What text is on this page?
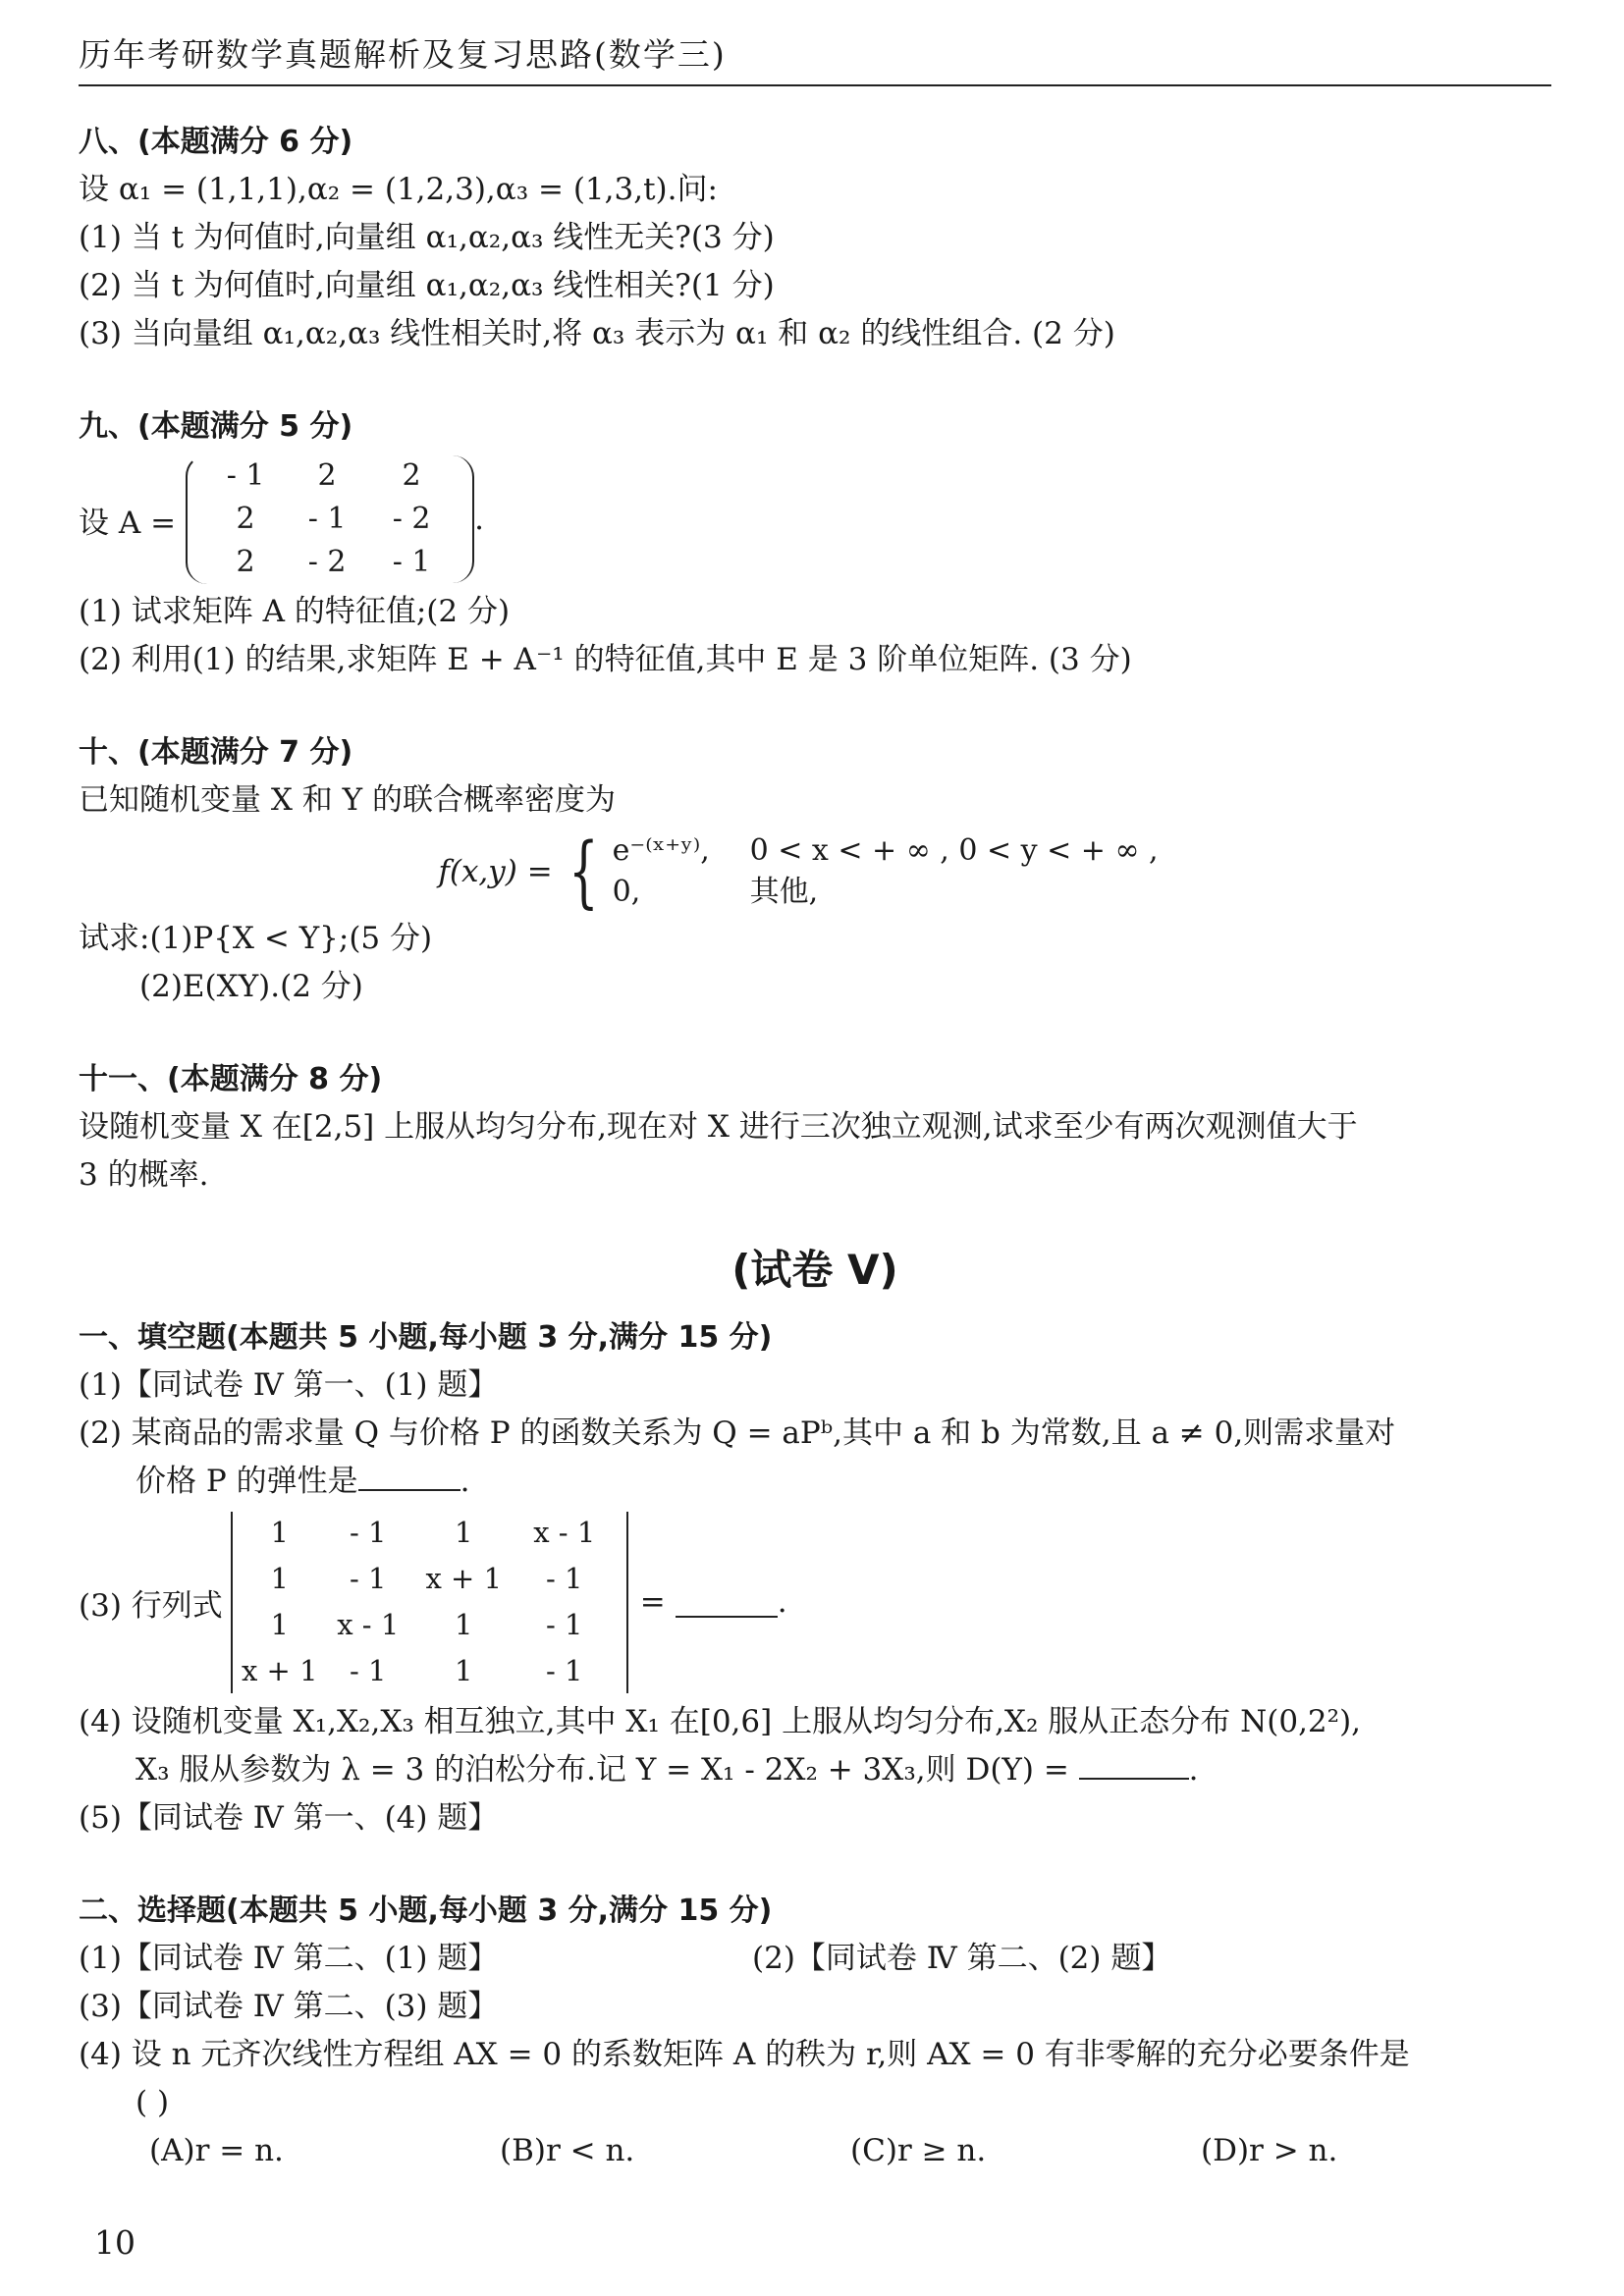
历年考研数学真题解析及复习思路(数学三)
八、(本题满分 6 分)
设 α₁ = (1,1,1),α₂ = (1,2,3),α₃ = (1,3,t).问:
(1) 当 t 为何值时,向量组 α₁,α₂,α₃ 线性无关?(3 分)
(2) 当 t 为何值时,向量组 α₁,α₂,α₃ 线性相关?(1 分)
(3) 当向量组 α₁,α₂,α₃ 线性相关时,将 α₃ 表示为 α₁ 和 α₂ 的线性组合. (2 分)
九、(本题满分 5 分)
设 A =
- 1	2	2
2	- 1	- 2
2	- 2	- 1
.
(1) 试求矩阵 A 的特征值;(2 分)
(2) 利用(1) 的结果,求矩阵 E + A⁻¹ 的特征值,其中 E 是 3 阶单位矩阵. (3 分)
十、(本题满分 7 分)
已知随机变量 X 和 Y 的联合概率密度为
f(x,y) = { e⁻⁽ˣ⁺ʸ⁾,	0 < x < + ∞ , 0 < y < + ∞ ,
0,	其他,
试求:(1)P{X < Y};(5 分)
(2)E(XY).(2 分)
十一、(本题满分 8 分)
设随机变量 X 在[2,5] 上服从均匀分布,现在对 X 进行三次独立观测,试求至少有两次观测值大于
3 的概率.
(试卷 Ⅴ)
一、填空题(本题共 5 小题,每小题 3 分,满分 15 分)
(1)【同试卷 Ⅳ 第一、(1) 题】
(2) 某商品的需求量 Q 与价格 P 的函数关系为 Q = aPᵇ,其中 a 和 b 为常数,且 a ≠ 0,则需求量对
价格 P 的弹性是	.
(3) 行列式
1	- 1	1	x - 1
1	- 1	x + 1	- 1
1	x - 1	1	- 1
x + 1	- 1	1	- 1
=	.
(4) 设随机变量 X₁,X₂,X₃ 相互独立,其中 X₁ 在[0,6] 上服从均匀分布,X₂ 服从正态分布 N(0,2²),
X₃ 服从参数为 λ = 3 的泊松分布.记 Y = X₁ - 2X₂ + 3X₃,则 D(Y) =	.
(5)【同试卷 Ⅳ 第一、(4) 题】
二、选择题(本题共 5 小题,每小题 3 分,满分 15 分)
(1)【同试卷 Ⅳ 第二、(1) 题】	(2)【同试卷 Ⅳ 第二、(2) 题】
(3)【同试卷 Ⅳ 第二、(3) 题】
(4) 设 n 元齐次线性方程组 AX = 0 的系数矩阵 A 的秩为 r,则 AX = 0 有非零解的充分必要条件是
( )
(A)r = n.	(B)r < n.	(C)r ≥ n.	(D)r > n.
10
